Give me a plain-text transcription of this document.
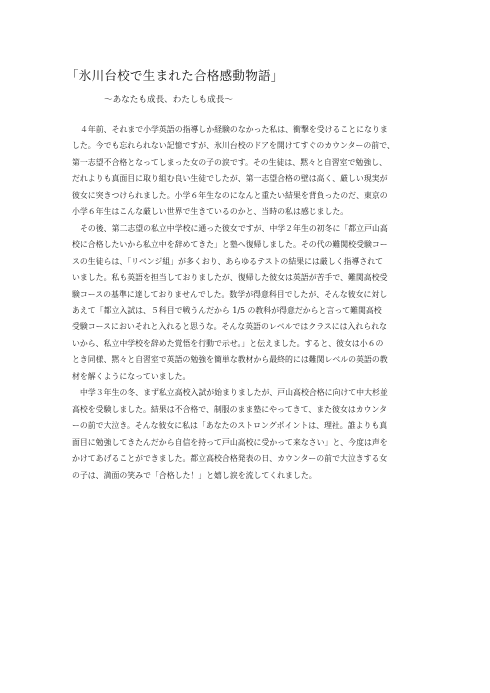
「氷川台校で生まれた合格感動物語」
～あなたも成長、わたしも成長～

４年前、それまで小学英語の指導しか経験のなかった私は、衝撃を受けることになりま
した。今でも忘れられない記憶ですが、氷川台校のドアを開けてすぐのカウンターの前で、
第一志望不合格となってしまった女の子の涙です。その生徒は、黙々と自習室で勉強し、
だれよりも真面目に取り組む良い生徒でしたが、第一志望合格の壁は高く、厳しい現実が
彼女に突きつけられました。小学６年生なのになんと重たい結果を背負ったのだ、東京の
小学６年生はこんな厳しい世界で生きているのかと、当時の私は感じました。

その後、第二志望の私立中学校に通った彼女ですが、中学２年生の初冬に「都立戸山高
校に合格したいから私立中を辞めてきた」と塾へ復帰しました。その代の難関校受験コー
スの生徒らは、「リベンジ組」が多くおり、あらゆるテストの結果には厳しく指導されて
いました。私も英語を担当しておりましたが、復帰した彼女は英語が苦手で、難関高校受
験コースの基準に達しておりませんでした。数学が得意科目でしたが、そんな彼女に対し
あえて「都立入試は、５科目で戦うんだから 1/5 の教科が得意だからと言って難関高校
受験コースにおいそれと入れると思うな。そんな英語のレベルではクラスには入れられな
いから、私立中学校を辞めた覚悟を行動で示せ。」と伝えました。すると、彼女は小６の
とき同様、黙々と自習室で英語の勉強を簡単な教材から最終的には難関レベルの英語の教
材を解くようになっていました。

中学３年生の冬、まず私立高校入試が始まりましたが、戸山高校合格に向けて中大杉並
高校を受験しました。結果は不合格で、制服のまま塾にやってきて、また彼女はカウンタ
ーの前で大泣き。そんな彼女に私は「あなたのストロングポイントは、理社。誰よりも真
面目に勉強してきたんだから自信を持って戸山高校に受かって来なさい」と、今度は声を
かけてあげることができました。都立高校合格発表の日、カウンターの前で大泣きする女
の子は、満面の笑みで「合格した！」と嬉し涙を流してくれました。
